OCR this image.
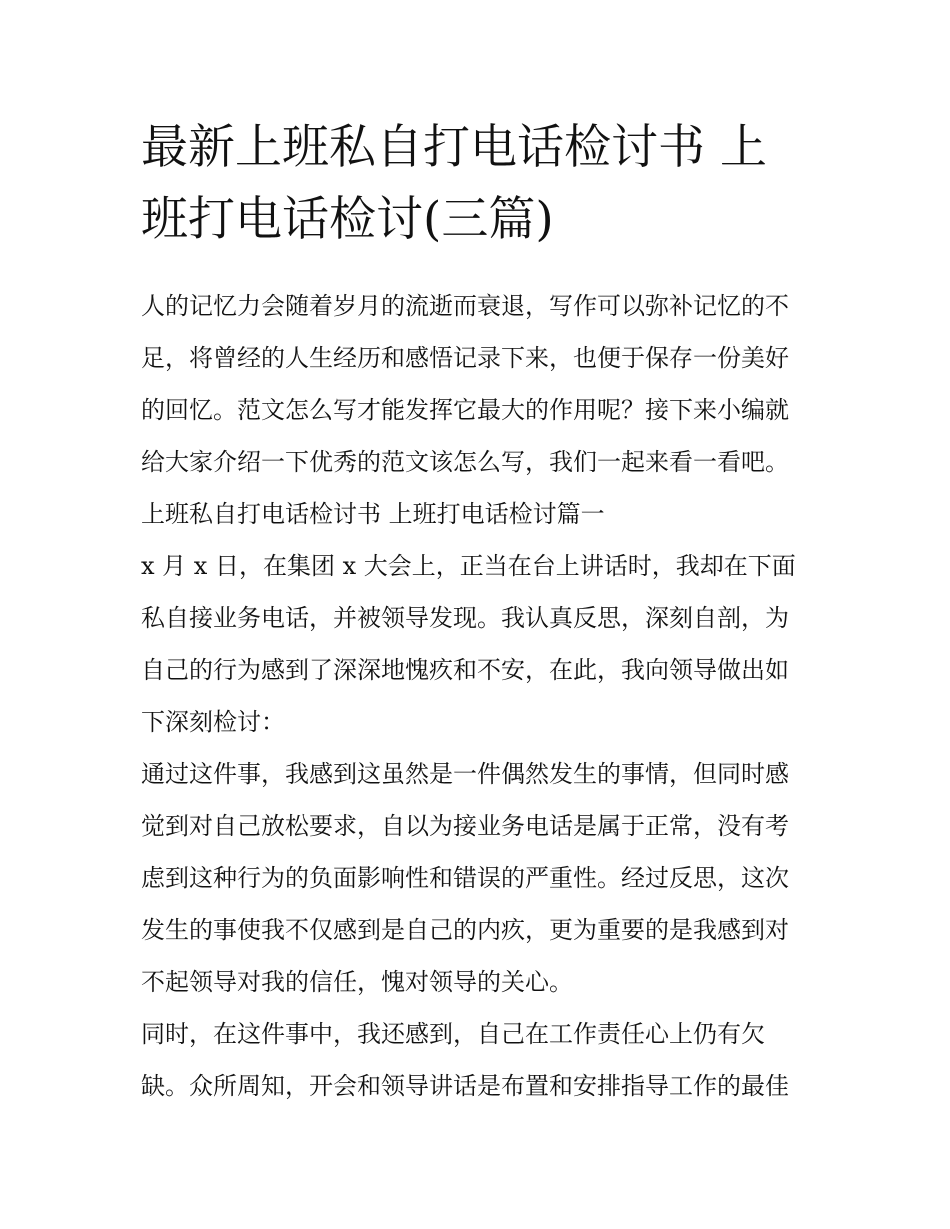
最新上班私自打电话检讨书 上
班打电话检讨(三篇)
人的记忆力会随着岁月的流逝而衰退，写作可以弥补记忆的不
足，将曾经的人生经历和感悟记录下来，也便于保存一份美好
的回忆。范文怎么写才能发挥它最大的作用呢？接下来小编就
给大家介绍一下优秀的范文该怎么写，我们一起来看一看吧。
上班私自打电话检讨书 上班打电话检讨篇一
x 月 x 日，在集团 x 大会上，正当在台上讲话时，我却在下面
私自接业务电话，并被领导发现。我认真反思，深刻自剖，为
自己的行为感到了深深地愧疚和不安，在此，我向领导做出如
下深刻检讨：
通过这件事，我感到这虽然是一件偶然发生的事情，但同时感
觉到对自己放松要求，自以为接业务电话是属于正常，没有考
虑到这种行为的负面影响性和错误的严重性。经过反思，这次
发生的事使我不仅感到是自己的内疚，更为重要的是我感到对
不起领导对我的信任，愧对领导的关心。
同时，在这件事中，我还感到，自己在工作责任心上仍有欠
缺。众所周知，开会和领导讲话是布置和安排指导工作的最佳
